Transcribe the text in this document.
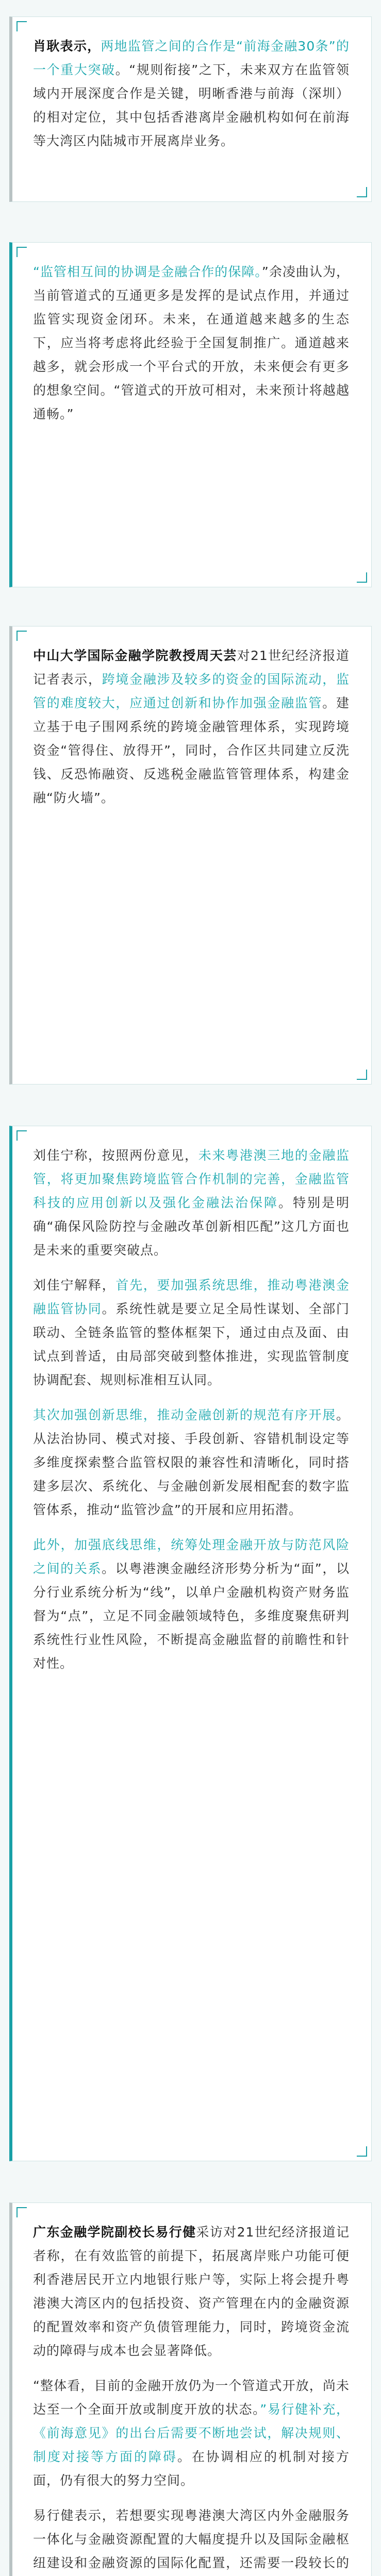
肖耿表示，两地监管之间的合作是“前海金融30条”的一个重大突破。“规则衔接”之下，未来双方在监管领域内开展深度合作是关键，明晰香港与前海（深圳）的相对定位，其中包括香港离岸金融机构如何在前海等大湾区内陆城市开展离岸业务。

“监管相互间的协调是金融合作的保障。”余凌曲认为，当前管道式的互通更多是发挥的是试点作用，并通过监管实现资金闭环。未来，在通道越来越多的生态下，应当将考虑将此经验于全国复制推广。通道越来越多，就会形成一个平台式的开放，未来便会有更多的想象空间。“管道式的开放可相对，未来预计将越越通畅。”

中山大学国际金融学院教授周天芸对21世纪经济报道记者表示，跨境金融涉及较多的资金的国际流动，监管的难度较大，应通过创新和协作加强金融监管。建立基于电子围网系统的跨境金融管理体系，实现跨境资金“管得住、放得开”，同时，合作区共同建立反洗钱、反恐怖融资、反逃税金融监管管理体系，构建金融“防火墙”。

刘佳宁称，按照两份意见，未来粤港澳三地的金融监管，将更加聚焦跨境监管合作机制的完善，金融监管科技的应用创新以及强化金融法治保障。特别是明确“确保风险防控与金融改革创新相匹配”这几方面也是未来的重要突破点。

刘佳宁解释，首先，要加强系统思维，推动粤港澳金融监管协同。系统性就是要立足全局性谋划、全部门联动、全链条监管的整体框架下，通过由点及面、由试点到普适，由局部突破到整体推进，实现监管制度协调配套、规则标准相互认同。

其次加强创新思维，推动金融创新的规范有序开展。从法治协同、模式对接、手段创新、容错机制设定等多维度探索整合监管权限的兼容性和清晰化，同时搭建多层次、系统化、与金融创新发展相配套的数字监管体系，推动“监管沙盒”的开展和应用拓潜。

此外，加强底线思维，统筹处理金融开放与防范风险之间的关系。以粤港澳金融经济形势分析为“面”，以分行业系统分析为“线”，以单户金融机构资产财务监督为“点”，立足不同金融领域特色，多维度聚焦研判系统性行业性风险，不断提高金融监督的前瞻性和针对性。

广东金融学院副校长易行健采访对21世纪经济报道记者称，在有效监管的前提下，拓展离岸账户功能可便利香港居民开立内地银行账户等，实际上将会提升粤港澳大湾区内的包括投资、资产管理在内的金融资源的配置效率和资产负债管理能力，同时，跨境资金流动的障碍与成本也会显著降低。

“整体看，目前的金融开放仍为一个管道式开放，尚未达至一个全面开放或制度开放的状态。”易行健补充，《前海意见》的出台后需要不断地尝试，解决规则、制度对接等方面的障碍。在协调相应的机制对接方面，仍有很大的努力空间。

易行健表示，若想要实现粤港澳大湾区内外金融服务一体化与金融资源配置的大幅度提升以及国际金融枢纽建设和金融资源的国际化配置，还需要一段较长的
